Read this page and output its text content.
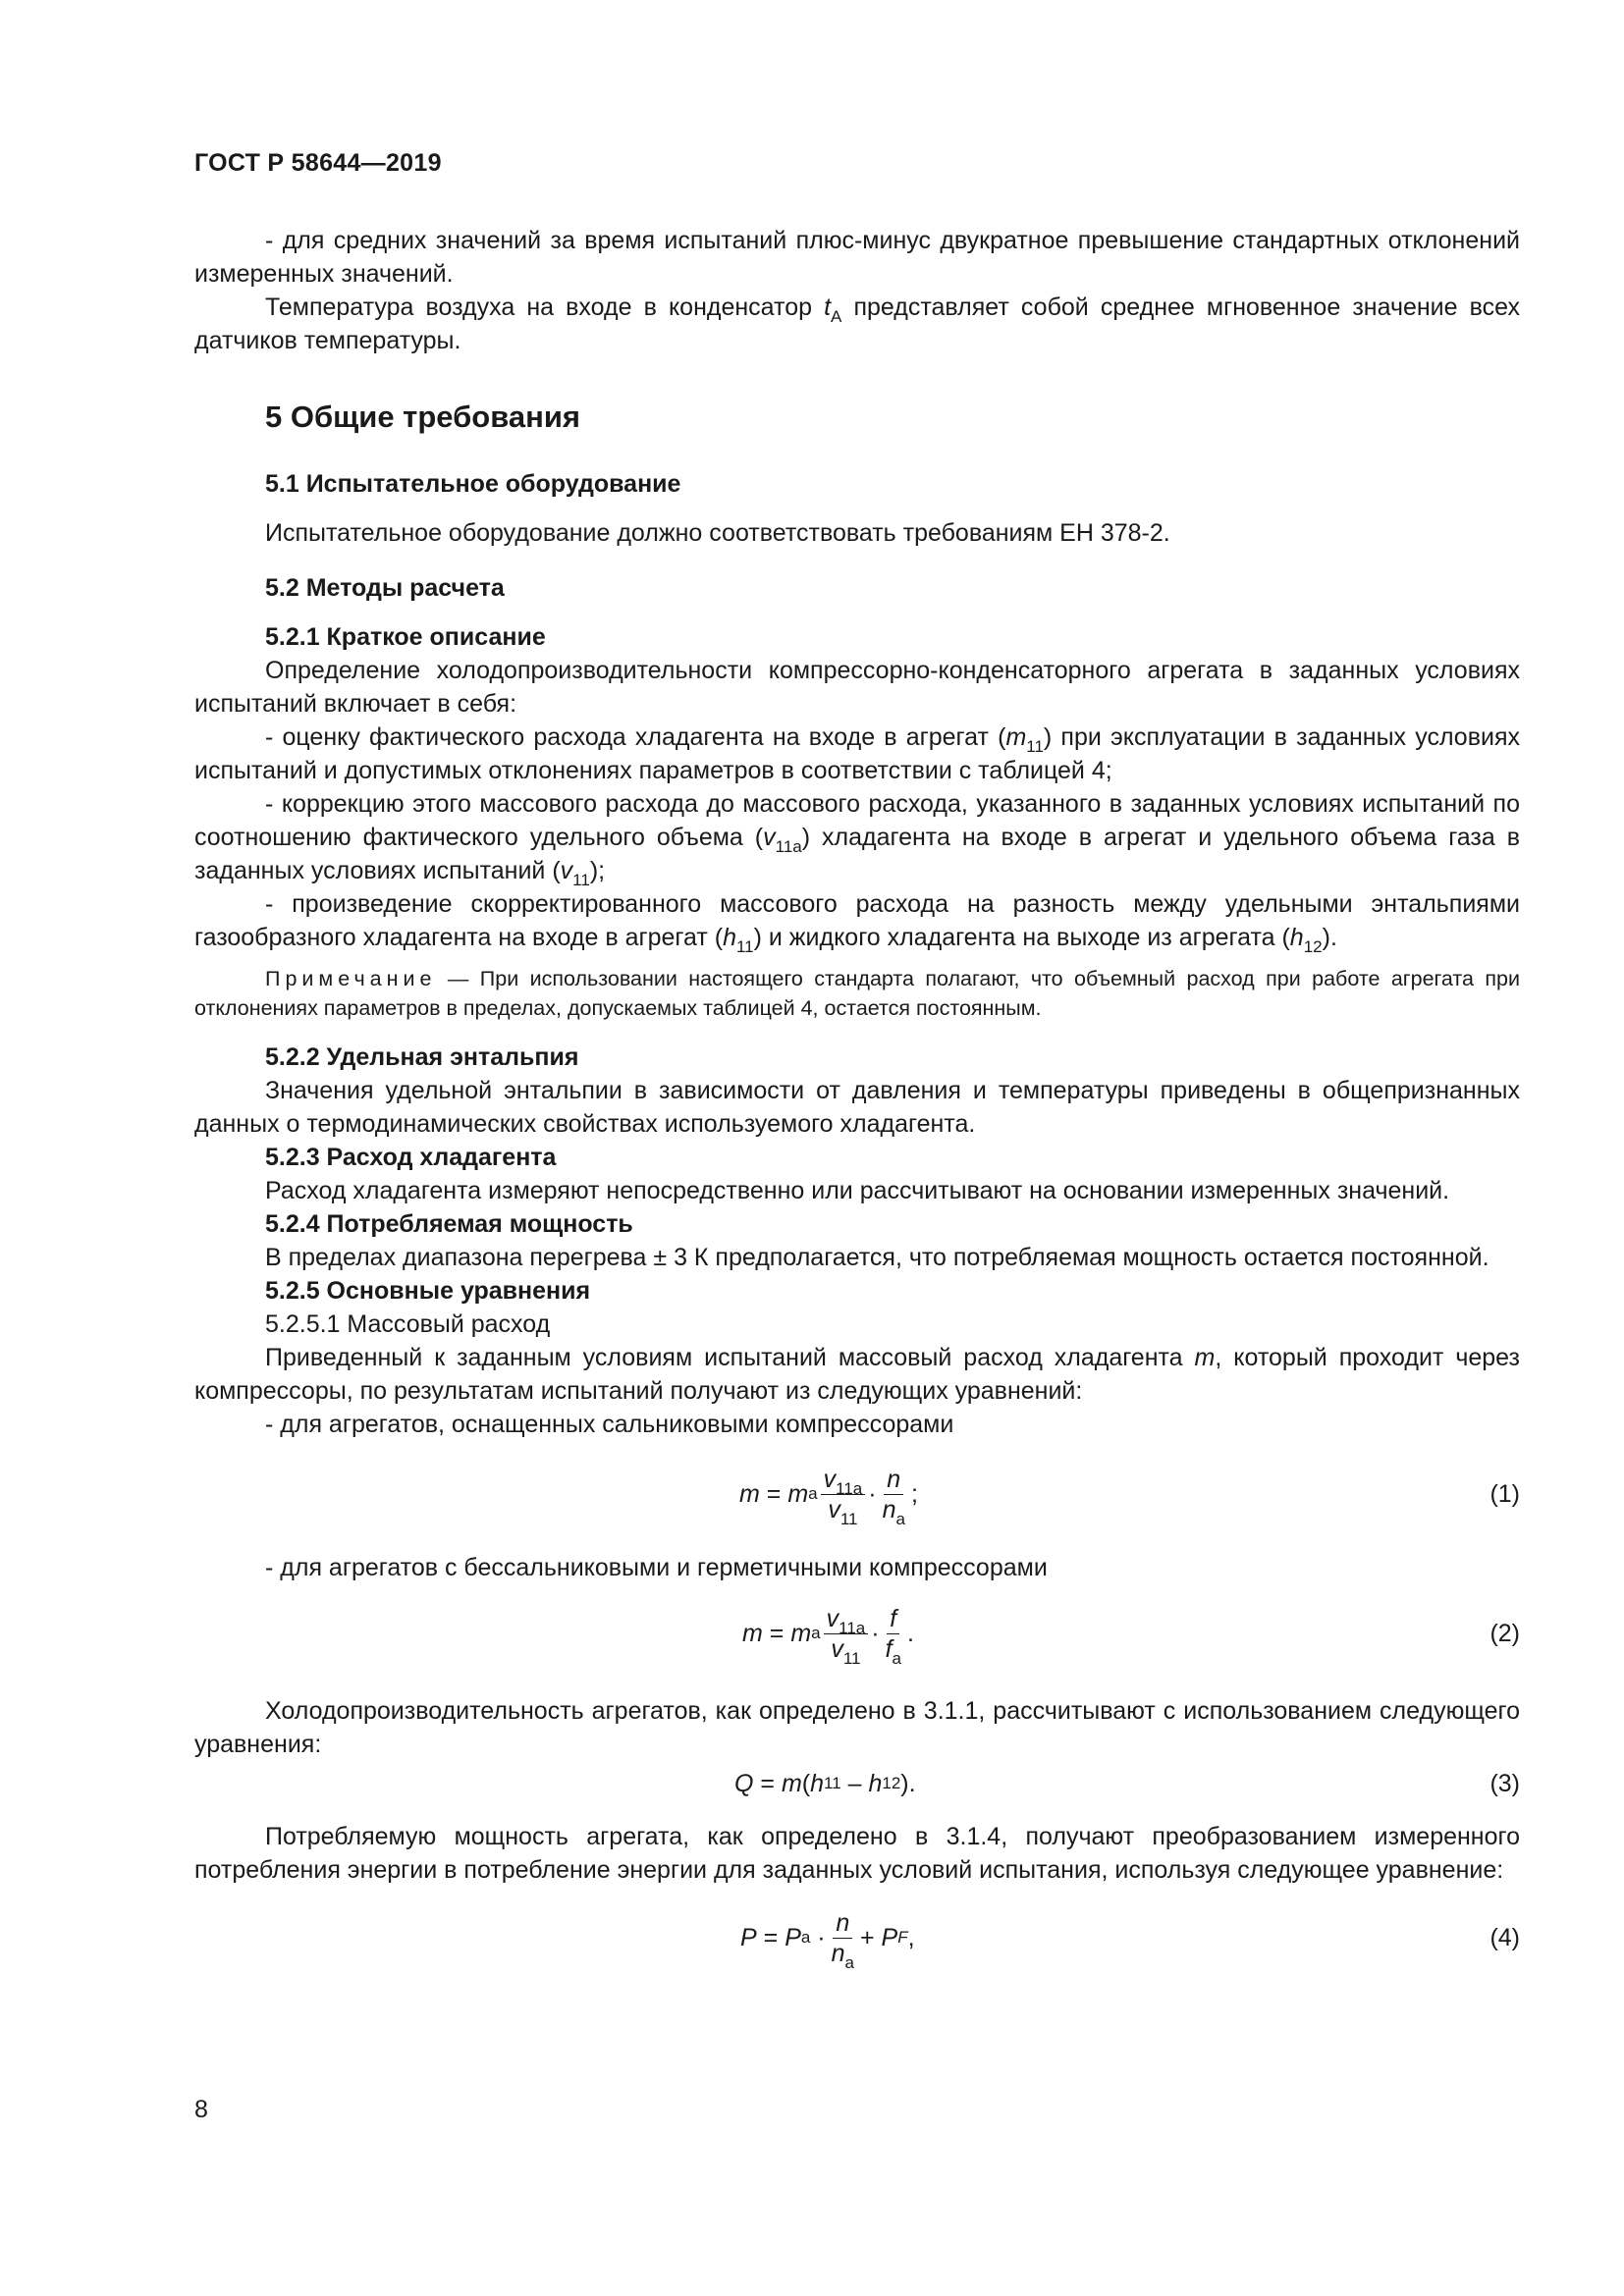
ГОСТ Р 58644—2019

- для средних значений за время испытаний плюс-минус двукратное превышение стандартных отклонений измеренных значений.

Температура воздуха на входе в конденсатор $t_A$ представляет собой среднее мгновенное значение всех датчиков температуры.

5 Общие требования
5.1 Испытательное оборудование

Испытательное оборудование должно соответствовать требованиям ЕН 378-2.

5.2 Методы расчета
5.2.1 Краткое описание

Определение холодопроизводительности компрессорно-конденсаторного агрегата в заданных условиях испытаний включает в себя:

- оценку фактического расхода хладагента на входе в агрегат $(m_{11})$ при эксплуатации в заданных условиях испытаний и допустимых отклонениях параметров в соответствии с таблицей 4;

- коррекцию этого массового расхода до массового расхода, указанного в заданных условиях испытаний по соотношению фактического удельного объема $(v_{11a})$ хладагента на входе в агрегат и удельного объема газа в заданных условиях испытаний $(v_{11})$;

- произведение скорректированного массового расхода на разность между удельными энтальпиями газообразного хладагента на входе в агрегат $(h_{11})$ и жидкого хладагента на выходе из агрегата $(h_{12})$.

Примечание — При использовании настоящего стандарта полагают, что объемный расход при работе агрегата при отклонениях параметров в пределах, допускаемых таблицей 4, остается постоянным.

5.2.2 Удельная энтальпия

Значения удельной энтальпии в зависимости от давления и температуры приведены в общепризнанных данных о термодинамических свойствах используемого хладагента.

5.2.3 Расход хладагента

Расход хладагента измеряют непосредственно или рассчитывают на основании измеренных значений.

5.2.4 Потребляемая мощность

В пределах диапазона перегрева ± 3 К предполагается, что потребляемая мощность остается постоянной.

5.2.5 Основные уравнения

5.2.5.1 Массовый расход

Приведенный к заданным условиям испытаний массовый расход хладагента m, который проходит через компрессоры, по результатам испытаний получают из следующих уравнений:

- для агрегатов, оснащенных сальниковыми компрессорами

m = m a $\frac{v_{11a}}{v_{11}} \cdot \frac{n}{n_a}$ ;	(1)

- для агрегатов с бессальниковыми и герметичными компрессорами

m = m a $\frac{v_{11a}}{v_{11}} \cdot \frac{f}{f_a}$ .	(2)

Холодопроизводительность агрегатов, как определено в 3.1.1, рассчитывают с использованием следующего уравнения:

Q = m ( h 11 – h 12 ).	(3)

Потребляемую мощность агрегата, как определено в 3.1.4, получают преобразованием измеренного потребления энергии в потребление энергии для заданных условий испытания, используя следующее уравнение:

P = P $a \cdot \frac{n}{n_a} + P$ F ,	(4)
8
